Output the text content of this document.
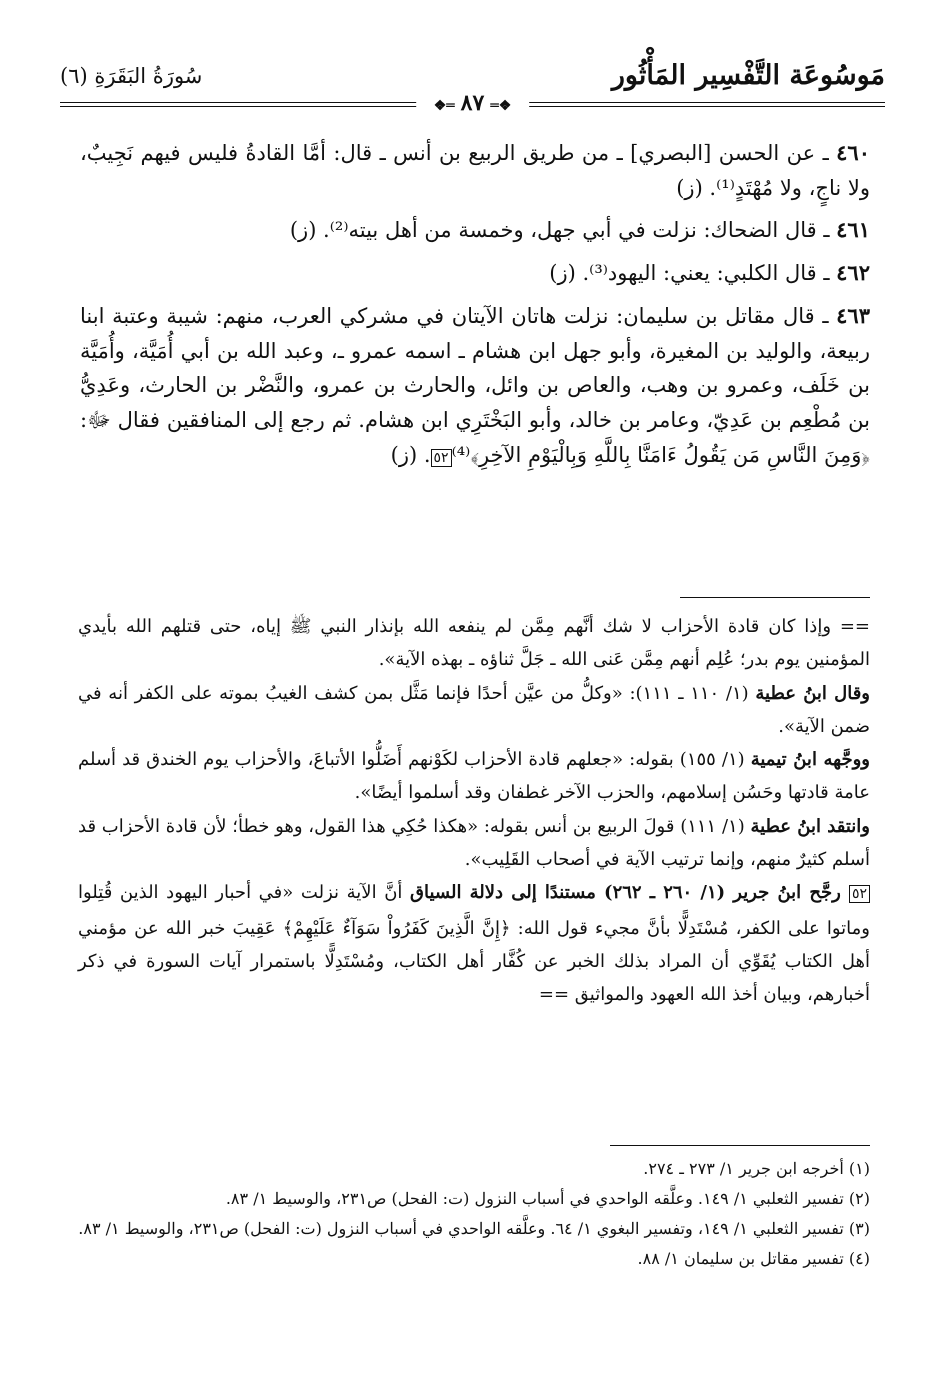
مَوسُوعَة التَّفْسِير المَأْثُور
سُورَةُ البَقَرَةِ (٦)
❖═ ٨٧ ═❖

٤٦٠ ـ عن الحسن [البصري] ـ من طريق الربيع بن أنس ـ قال: أمَّا القادةُ فليس فيهم نَجِيبٌ، ولا ناجٍ، ولا مُهْتَدٍ⁽¹⁾. (ز)

٤٦١ ـ قال الضحاك: نزلت في أبي جهل، وخمسة من أهل بيته⁽²⁾. (ز)

٤٦٢ ـ قال الكلبي: يعني: اليهود⁽³⁾. (ز)

٤٦٣ ـ قال مقاتل بن سليمان: نزلت هاتان الآيتان في مشركي العرب، منهم: شيبة وعتبة ابنا ربيعة، والوليد بن المغيرة، وأبو جهل ابن هشام ـ اسمه عمرو ـ، وعبد الله بن أبي أُمَيَّة، وأُمَيَّة بن خَلَف، وعمرو بن وهب، والعاص بن وائل، والحارث بن عمرو، والنَّضْر بن الحارث، وعَدِيُّ بن مُطْعِم بن عَدِيّ، وعامر بن خالد، وأبو البَخْتَرِي ابن هشام. ثم رجع إلى المنافقين فقال ﷻ: ﴿وَمِنَ النَّاسِ مَن يَقُولُ ءَامَنَّا بِاللَّهِ وَبِالْيَوْمِ الآخِرِ﴾⁽⁴⁾٥٢. (ز)

== وإذا كان قادة الأحزاب لا شك أنَّهم مِمَّن لم ينفعه الله بإنذار النبي ﷺ إياه، حتى قتلهم الله بأيدي المؤمنين يوم بدر؛ عُلِم أنهم مِمَّن عَنى الله ـ جَلَّ ثناؤه ـ بهذه الآية».

وقال ابنُ عطية (١/ ١١٠ ـ ١١١): «وكلُّ من عيَّن أحدًا فإنما مَثَّل بمن كشف الغيبُ بموته على الكفر أنه في ضمن الآية».

ووجَّهه ابنُ تيمية (١/ ١٥٥) بقوله: «جعلهم قادة الأحزاب لكَوْنهم أَضَلُّوا الأتباعَ، والأحزاب يوم الخندق قد أسلم عامة قادتها وحَسُن إسلامهم، والحزب الآخر غطفان وقد أسلموا أيضًا».

وانتقد ابنُ عطية (١/ ١١١) قولَ الربيع بن أنس بقوله: «هكذا حُكِي هذا القول، وهو خطأ؛ لأن قادة الأحزاب قد أسلم كثيرٌ منهم، وإنما ترتيب الآية في أصحاب القَلِيب».

٥٢ رجَّح ابنُ جرير (١/ ٢٦٠ ـ ٢٦٢) مستندًا إلى دلالة السياق أنَّ الآية نزلت «في أحبار اليهود الذين قُتِلوا وماتوا على الكفر، مُسْتَدِلًّا بأنَّ مجيء قول الله: ﴿إِنَّ الَّذِينَ كَفَرُواْ سَوَآءٌ عَلَيْهِمْ﴾ عَقِيبَ خبر الله عن مؤمني أهل الكتاب يُقَوِّي أن المراد بذلك الخبر عن كُفَّار أهل الكتاب، ومُسْتَدِلًّا باستمرار آيات السورة في ذكر أخبارهم، وبيان أخذ الله العهود والمواثيق ==

(١) أخرجه ابن جرير ١/ ٢٧٣ ـ ٢٧٤.

(٢) تفسير الثعلبي ١/ ١٤٩. وعلَّقه الواحدي في أسباب النزول (ت: الفحل) ص٢٣١، والوسيط ١/ ٨٣.

(٣) تفسير الثعلبي ١/ ١٤٩، وتفسير البغوي ١/ ٦٤. وعلَّقه الواحدي في أسباب النزول (ت: الفحل) ص٢٣١، والوسيط ١/ ٨٣.

(٤) تفسير مقاتل بن سليمان ١/ ٨٨.
